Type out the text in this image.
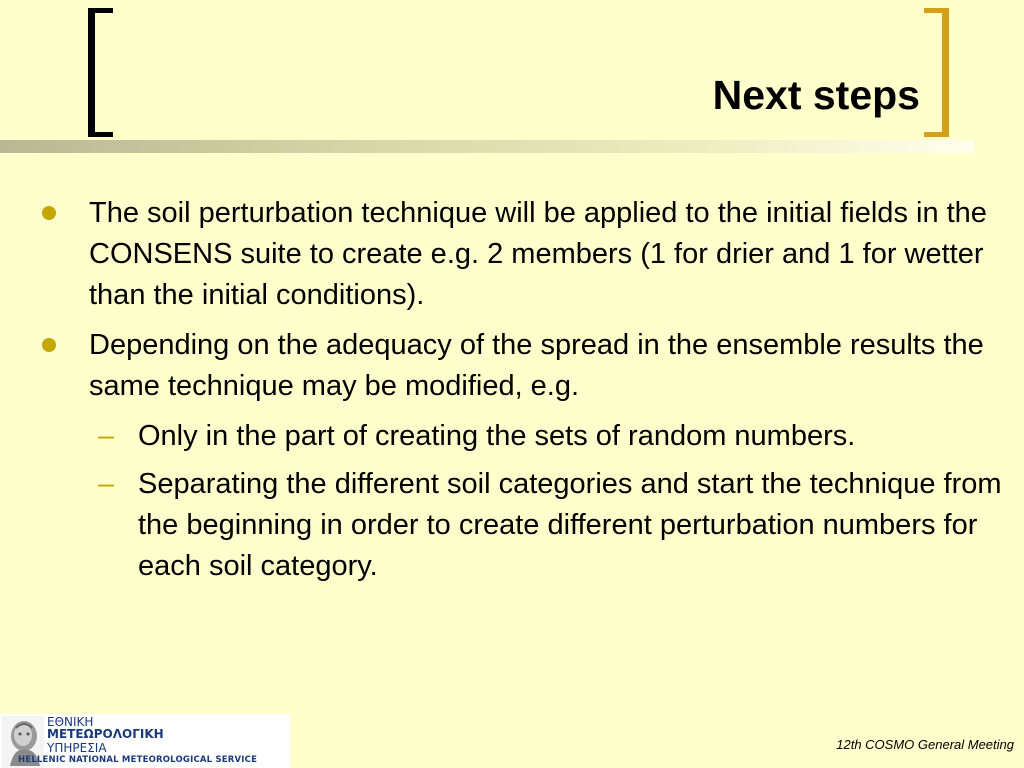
Next steps
The soil perturbation technique will be applied to the initial fields in the CONSENS suite to create e.g. 2 members (1 for drier and 1 for wetter than the initial conditions).
Depending on the adequacy of the spread in the ensemble results the same technique may be modified, e.g.
– Only in the part of creating the sets of random numbers.
– Separating the different soil categories and start the technique from the beginning in order to create different perturbation numbers for each soil category.
ΕΘΝΙΚΗ
ΜΕΤΕΩΡΟΛΟΓΙΚΗ
ΥΠΗΡΕΣΙΑ
HELLENIC NATIONAL METEOROLOGICAL SERVICE
12th COSMO General Meeting
